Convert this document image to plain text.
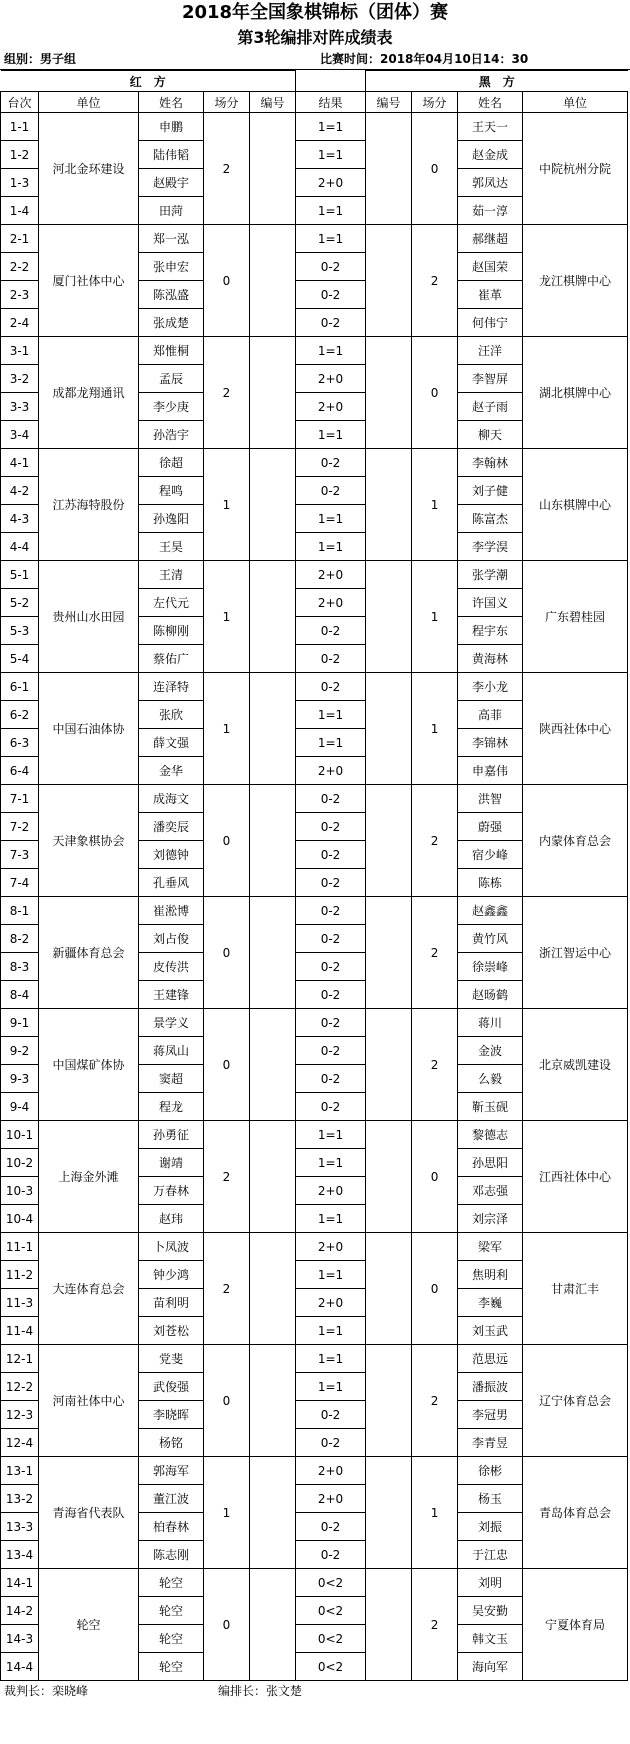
2018年全国象棋锦标（团体）赛
第3轮编排对阵成绩表
组别：男子组	比赛时间：2018年04月10日14：30
红　方						黑　方			
台次	单位	姓名	场分	编号	结果	编号	场分	姓名	单位
1-1	河北金环建设	申鹏	2		1=1		0	王天一	中院杭州分院
1-2		陆伟韬			1=1			赵金成	
1-3		赵殿宇			2+0			郭凤达	
1-4		田菏			1=1			茹一淳	
2-1	厦门社体中心	郑一泓	0		1=1		2	郝继超	龙江棋牌中心
2-2		张申宏			0-2			赵国荣	
2-3		陈泓盛			0-2			崔革	
2-4		张成楚			0-2			何伟宁	
3-1	成都龙翔通讯	郑惟桐	2		1=1		0	汪洋	湖北棋牌中心
3-2		孟辰			2+0			李智屏	
3-3		李少庚			2+0			赵子雨	
3-4		孙浩宇			1=1			柳天	
4-1	江苏海特股份	徐超	1		0-2		1	李翰林	山东棋牌中心
4-2		程鸣			0-2			刘子健	
4-3		孙逸阳			1=1			陈富杰	
4-4		王昊			1=1			李学淏	
5-1	贵州山水田园	王清	1		2+0		1	张学潮	广东碧桂园
5-2		左代元			2+0			许国义	
5-3		陈柳刚			0-2			程宇东	
5-4		蔡佑广			0-2			黄海林	
6-1	中国石油体协	连泽特	1		0-2		1	李小龙	陕西社体中心
6-2		张欣			1=1			高菲	
6-3		薛文强			1=1			李锦林	
6-4		金华			2+0			申嘉伟	
7-1	天津象棋协会	成海文	0		0-2		2	洪智	内蒙体育总会
7-2		潘奕辰			0-2			蔚强	
7-3		刘德钟			0-2			宿少峰	
7-4		孔垂风			0-2			陈栋	
8-1	新疆体育总会	崔淞博	0		0-2		2	赵鑫鑫	浙江智运中心
8-2		刘占俊			0-2			黄竹风	
8-3		皮传洪			0-2			徐崇峰	
8-4		王建锋			0-2			赵旸鹤	
9-1	中国煤矿体协	景学义	0		0-2		2	蒋川	北京威凯建设
9-2		蒋凤山			0-2			金波	
9-3		窦超			0-2			么毅	
9-4		程龙			0-2			靳玉砚	
10-1	上海金外滩	孙勇征	2		1=1		0	黎德志	江西社体中心
10-2		谢靖			1=1			孙思阳	
10-3		万春林			2+0			邓志强	
10-4		赵玮			1=1			刘宗泽	
11-1	大连体育总会	卜凤波	2		2+0		0	梁军	甘肃汇丰
11-2		钟少鸿			1=1			焦明利	
11-3		苗利明			2+0			李巍	
11-4		刘苍松			1=1			刘玉武	
12-1	河南社体中心	党斐	0		1=1		2	范思远	辽宁体育总会
12-2		武俊强			1=1			潘振波	
12-3		李晓晖			0-2			李冠男	
12-4		杨铭			0-2			李青昱	
13-1	青海省代表队	郭海军	1		2+0		1	徐彬	青岛体育总会
13-2		董江波			2+0			杨玉	
13-3		柏春林			0-2			刘振	
13-4		陈志刚			0-2			于江忠	
14-1	轮空	轮空	0		0<2		2	刘明	宁夏体育局
14-2		轮空			0<2			吴安勤	
14-3		轮空			0<2			韩文玉	
14-4		轮空			0<2			海向军	
裁判长：栾晓峰	编排长：张文楚
